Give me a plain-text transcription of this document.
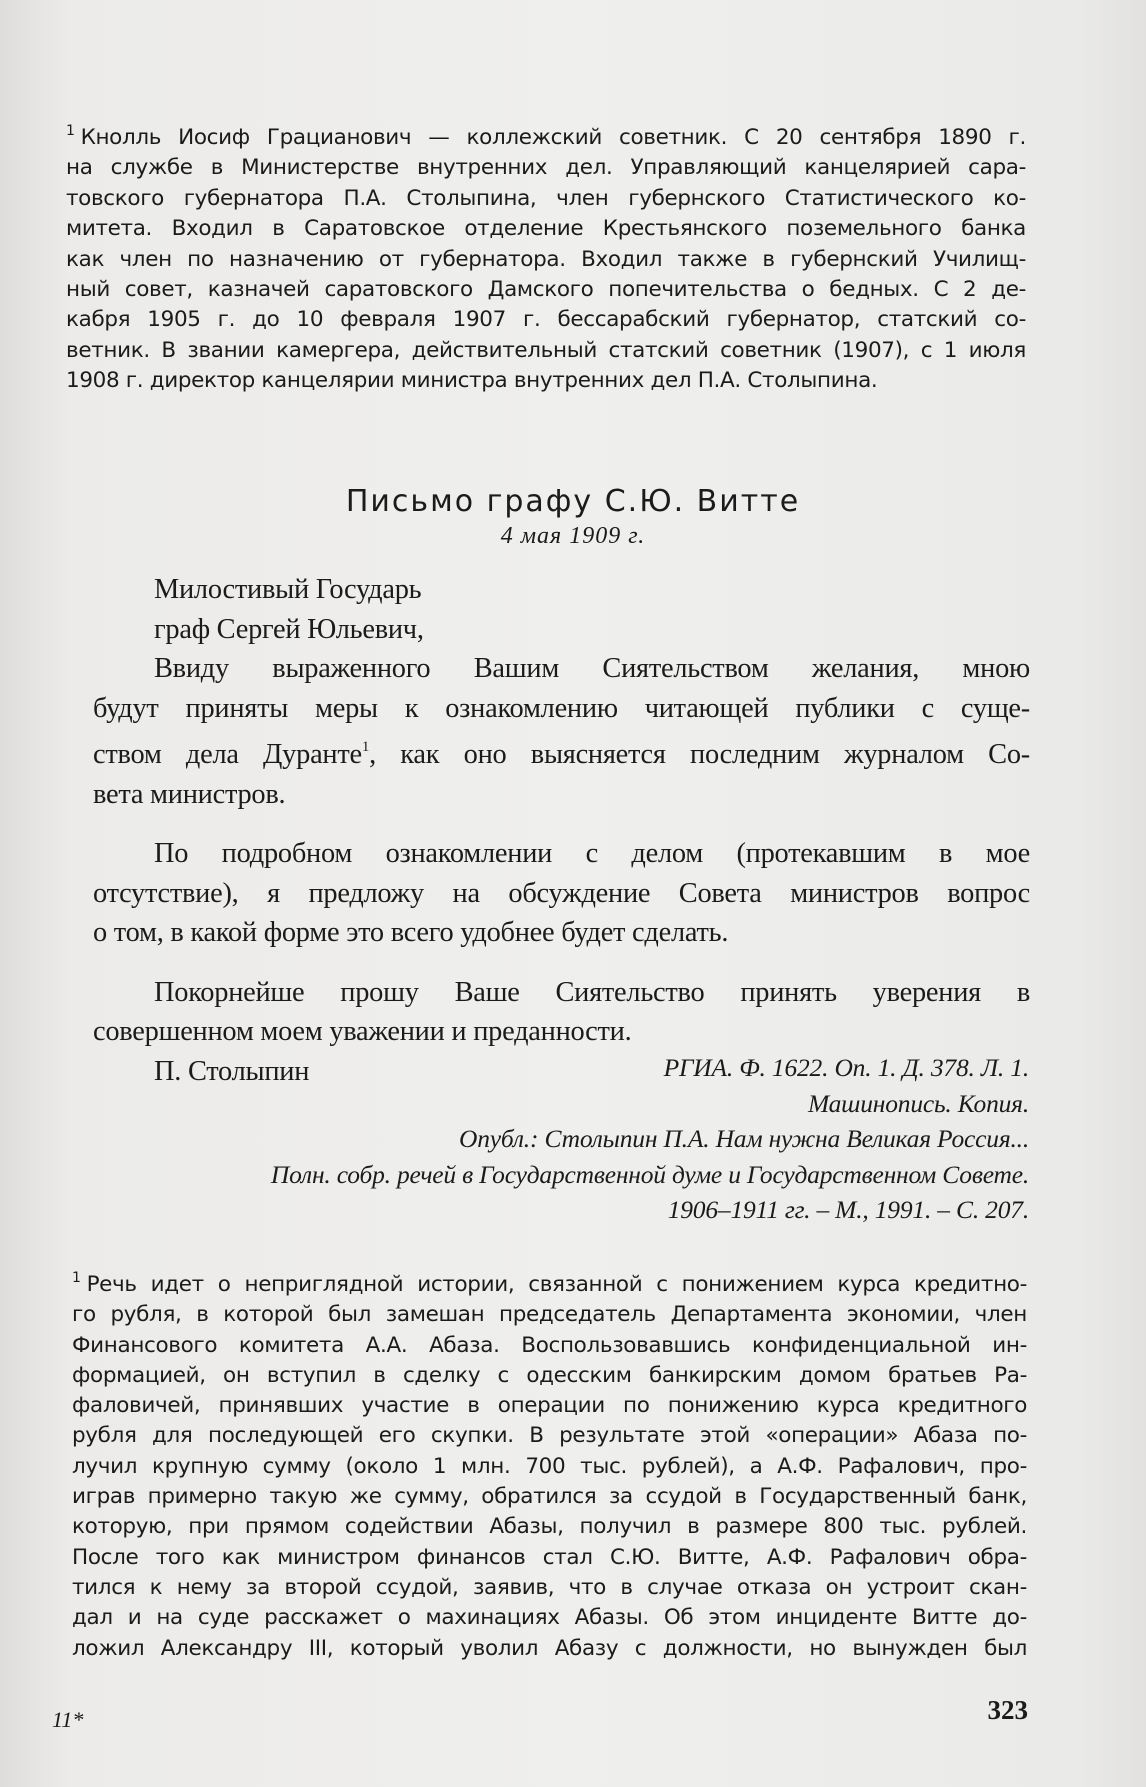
$^1$ Кнолль Иосиф Грацианович — коллежский советник. С 20 сентября 1890 г.
на службе в Министерстве внутренних дел. Управляющий канцелярией сара-
товского губернатора П.А. Столыпина, член губернского Статистического ко-
митета. Входил в Саратовское отделение Крестьянского поземельного банка
как член по назначению от губернатора. Входил также в губернский Училищ-
ный совет, казначей саратовского Дамского попечительства о бедных. С 2 де-
кабря 1905 г. до 10 февраля 1907 г. бессарабский губернатор, статский со-
ветник. В звании камергера, действительный статский советник (1907), с 1 июля
1908 г. директор канцелярии министра внутренних дел П.А. Столыпина.
Письмо графу С.Ю. Витте
4 мая 1909 г.
Милостивый Государь
граф Сергей Юльевич,

Ввиду выраженного Вашим Сиятельством желания, мною
будут приняты меры к ознакомлению читающей публики с суще-
ством дела Дуранте$^1$, как оно выясняется последним журналом Со-
вета министров.

По подробном ознакомлении с делом (протекавшим в мое
отсутствие), я предложу на обсуждение Совета министров вопрос
о том, в какой форме это всего удобнее будет сделать.

Покорнейше прошу Ваше Сиятельство принять уверения в
совершенном моем уважении и преданности.

П. Столыпин	РГИА. Ф. 1622. Оп. 1. Д. 378. Л. 1.
Машинопись. Копия.
Опубл.: Столыпин П.А. Нам нужна Великая Россия...
Полн. собр. речей в Государственной думе и Государственном Совете.
1906–1911 гг. – М., 1991. – С. 207.
$^1$ Речь идет о неприглядной истории, связанной с понижением курса кредитно-
го рубля, в которой был замешан председатель Департамента экономии, член
Финансового комитета А.А. Абаза. Воспользовавшись конфиденциальной ин-
формацией, он вступил в сделку с одесским банкирским домом братьев Ра-
фаловичей, принявших участие в операции по понижению курса кредитного
рубля для последующей его скупки. В результате этой «операции» Абаза по-
лучил крупную сумму (около 1 млн. 700 тыс. рублей), а А.Ф. Рафалович, про-
играв примерно такую же сумму, обратился за ссудой в Государственный банк,
которую, при прямом содействии Абазы, получил в размере 800 тыс. рублей.
После того как министром финансов стал С.Ю. Витте, А.Ф. Рафалович обра-
тился к нему за второй ссудой, заявив, что в случае отказа он устроит скан-
дал и на суде расскажет о махинациях Абазы. Об этом инциденте Витте до-
ложил Александру III, который уволил Абазу с должности, но вынужден был
11*	323
